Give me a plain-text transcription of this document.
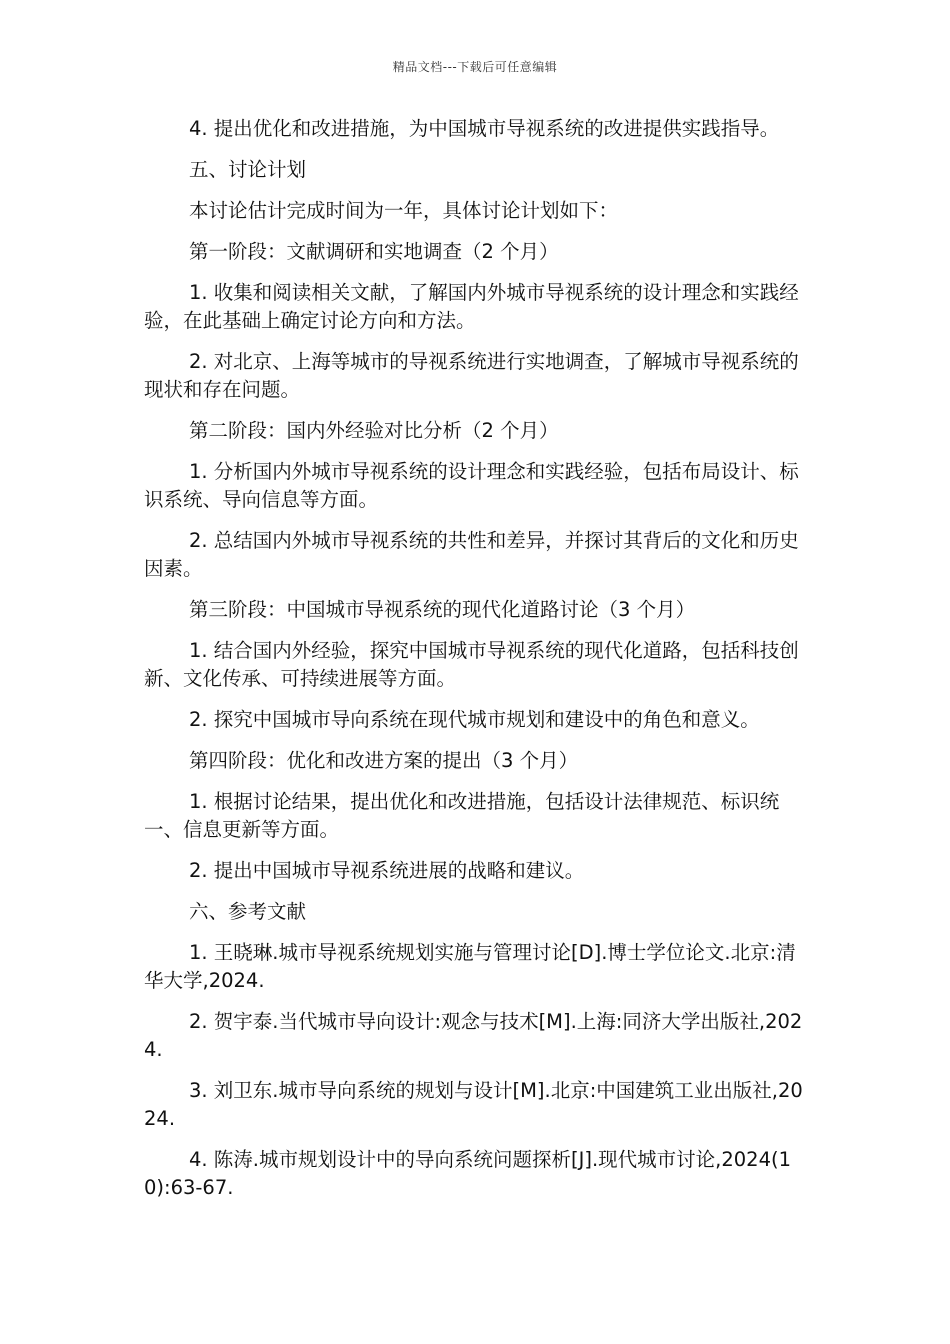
精品文档---下载后可任意编辑

4. 提出优化和改进措施，为中国城市导视系统的改进提供实践指导。

五、讨论计划

本讨论估计完成时间为一年，具体讨论计划如下：

第一阶段：文献调研和实地调查（2 个月）

1. 收集和阅读相关文献，了解国内外城市导视系统的设计理念和实践经验，在此基础上确定讨论方向和方法。

2. 对北京、上海等城市的导视系统进行实地调查，了解城市导视系统的现状和存在问题。

第二阶段：国内外经验对比分析（2 个月）

1. 分析国内外城市导视系统的设计理念和实践经验，包括布局设计、标识系统、导向信息等方面。

2. 总结国内外城市导视系统的共性和差异，并探讨其背后的文化和历史因素。

第三阶段：中国城市导视系统的现代化道路讨论（3 个月）

1. 结合国内外经验，探究中国城市导视系统的现代化道路，包括科技创新、文化传承、可持续进展等方面。

2. 探究中国城市导向系统在现代城市规划和建设中的角色和意义。

第四阶段：优化和改进方案的提出（3 个月）

1. 根据讨论结果，提出优化和改进措施，包括设计法律规范、标识统一、信息更新等方面。

2. 提出中国城市导视系统进展的战略和建议。

六、参考文献

1. 王晓琳.城市导视系统规划实施与管理讨论[D].博士学位论文.北京:清华大学,2024.

2. 贺宇泰.当代城市导向设计:观念与技术[M].上海:同济大学出版社,2024.

3. 刘卫东.城市导向系统的规划与设计[M].北京:中国建筑工业出版社,2024.

4. 陈涛.城市规划设计中的导向系统问题探析[J].现代城市讨论,2024(10):63-67.
